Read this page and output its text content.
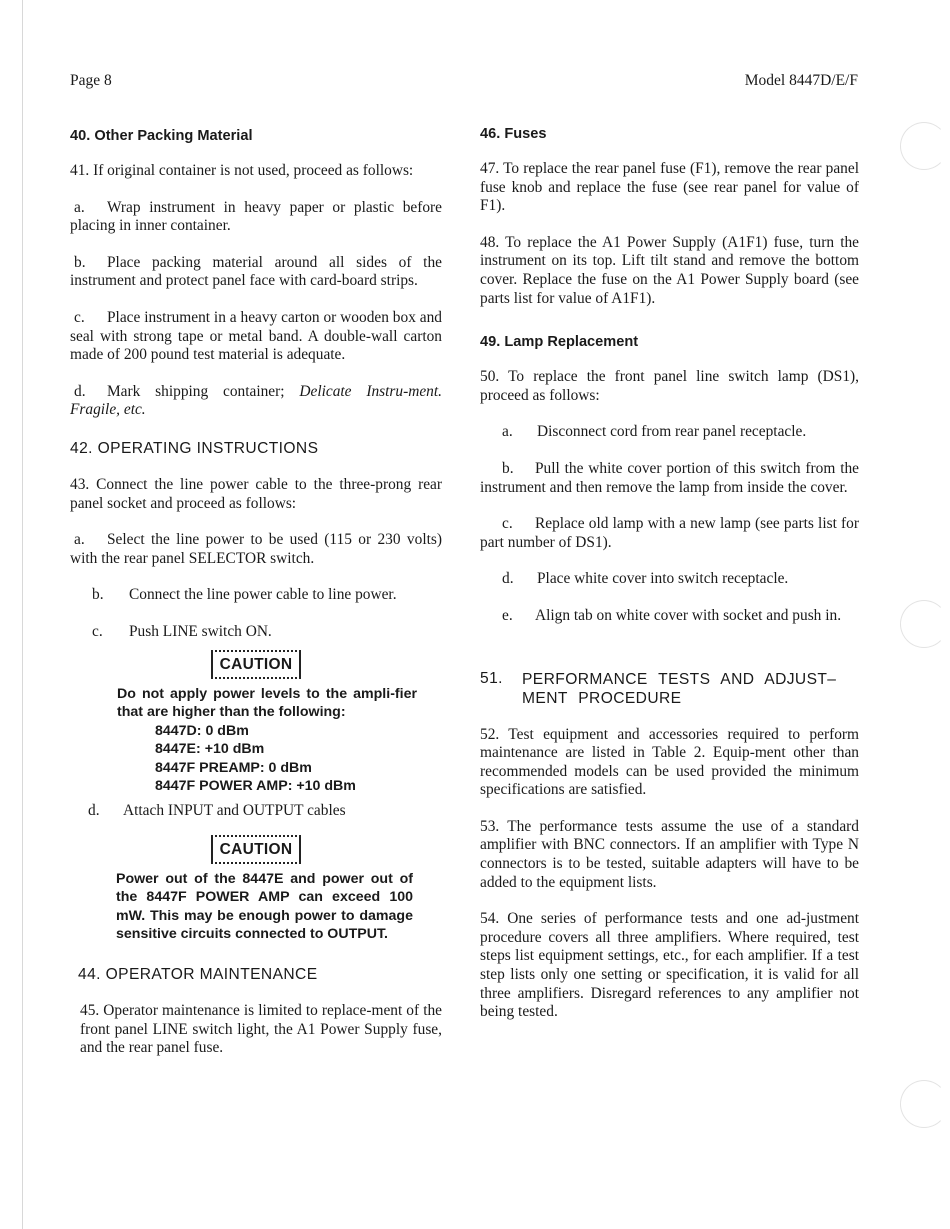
Page 8	Model 8447D/E/F
40. Other Packing Material

41. If original container is not used, proceed as follows:

a. Wrap instrument in heavy paper or plastic before placing in inner container.

b. Place packing material around all sides of the instrument and protect panel face with card-board strips.

c. Place instrument in a heavy carton or wooden box and seal with strong tape or metal band. A double-wall carton made of 200 pound test material is adequate.

d. Mark shipping container; Delicate Instru-ment. Fragile, etc.

42. OPERATING INSTRUCTIONS

43. Connect the line power cable to the three-prong rear panel socket and proceed as follows:

a. Select the line power to be used (115 or 230 volts) with the rear panel SELECTOR switch.

b.	Connect the line power cable to line power.

c.	Push LINE switch ON.

CAUTION

Do not apply power levels to the ampli-fier that are higher than the following:

8447D: 0 dBm

8447E: +10 dBm

8447F PREAMP: 0 dBm

8447F POWER AMP: +10 dBm

d.	Attach INPUT and OUTPUT cables

CAUTION

Power out of the 8447E and power out of the 8447F POWER AMP can exceed 100 mW. This may be enough power to damage sensitive circuits connected to OUTPUT.

44. OPERATOR MAINTENANCE

45. Operator maintenance is limited to replace-ment of the front panel LINE switch light, the A1 Power Supply fuse, and the rear panel fuse.

46. Fuses

47. To replace the rear panel fuse (F1), remove the rear panel fuse knob and replace the fuse (see rear panel for value of F1).

48. To replace the A1 Power Supply (A1F1) fuse, turn the instrument on its top. Lift tilt stand and remove the bottom cover. Replace the fuse on the A1 Power Supply board (see parts list for value of A1F1).

49. Lamp Replacement

50. To replace the front panel line switch lamp (DS1), proceed as follows:

a.	Disconnect cord from rear panel receptacle.

b. Pull the white cover portion of this switch from the instrument and then remove the lamp from inside the cover.

c. Replace old lamp with a new lamp (see parts list for part number of DS1).

d.	Place white cover into switch receptacle.

e. Align tab on white cover with socket and push in.

51.	PERFORMANCE TESTS AND ADJUST–MENT PROCEDURE

52. Test equipment and accessories required to perform maintenance are listed in Table 2. Equip-ment other than recommended models can be used provided the minimum specifications are satisfied.

53. The performance tests assume the use of a standard amplifier with BNC connectors. If an amplifier with Type N connectors is to be tested, suitable adapters will have to be added to the equipment lists.

54. One series of performance tests and one ad-justment procedure covers all three amplifiers. Where required, test steps list equipment settings, etc., for each amplifier. If a test step lists only one setting or specification, it is valid for all three amplifiers. Disregard references to any amplifier not being tested.
